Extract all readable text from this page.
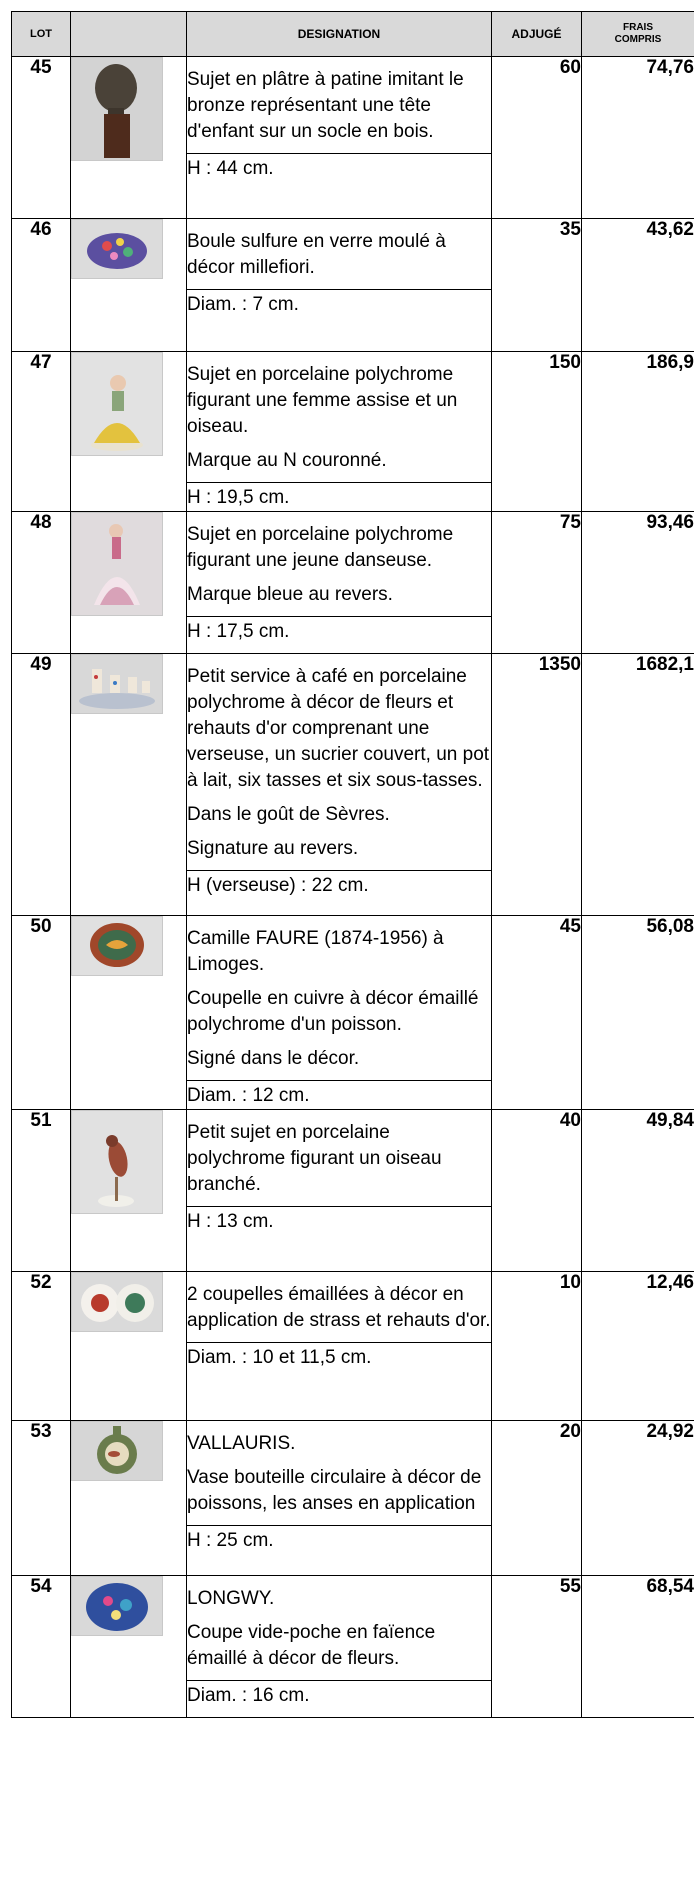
LOT		DESIGNATION	ADJUGÉ	FRAIS
COMPRIS
45		Sujet en plâtre à patine imitant le bronze représentant une tête d'enfant sur un socle en bois.
H : 44 cm.	60	74,76
46		Boule sulfure en verre moulé à décor millefiori.
Diam. : 7 cm.	35	43,62
47		Sujet en porcelaine polychrome figurant une femme assise et un oiseau.
Marque au N couronné.
H : 19,5 cm.	150	186,9
48		Sujet en porcelaine polychrome figurant une jeune danseuse.
Marque bleue au revers.
H : 17,5 cm.	75	93,46
49		Petit service à café en porcelaine polychrome à décor de fleurs et rehauts d'or comprenant une verseuse, un sucrier couvert, un pot à lait, six tasses et six sous-tasses.
Dans le goût de Sèvres.
Signature au revers.
H (verseuse) : 22 cm.	1350	1682,1
50		Camille FAURE (1874-1956) à Limoges.
Coupelle en cuivre à décor émaillé polychrome d'un poisson.
Signé dans le décor.
Diam. : 12 cm.	45	56,08
51		Petit sujet en porcelaine polychrome figurant un oiseau branché.
H : 13 cm.	40	49,84
52		2 coupelles émaillées à décor en application de strass et rehauts d'or.
Diam. : 10 et 11,5 cm.	10	12,46
53		VALLAURIS.
Vase bouteille circulaire à décor de poissons, les anses en application
H : 25 cm.	20	24,92
54		LONGWY.
Coupe vide-poche en faïence émaillé à décor de fleurs.
Diam. : 16 cm.	55	68,54
